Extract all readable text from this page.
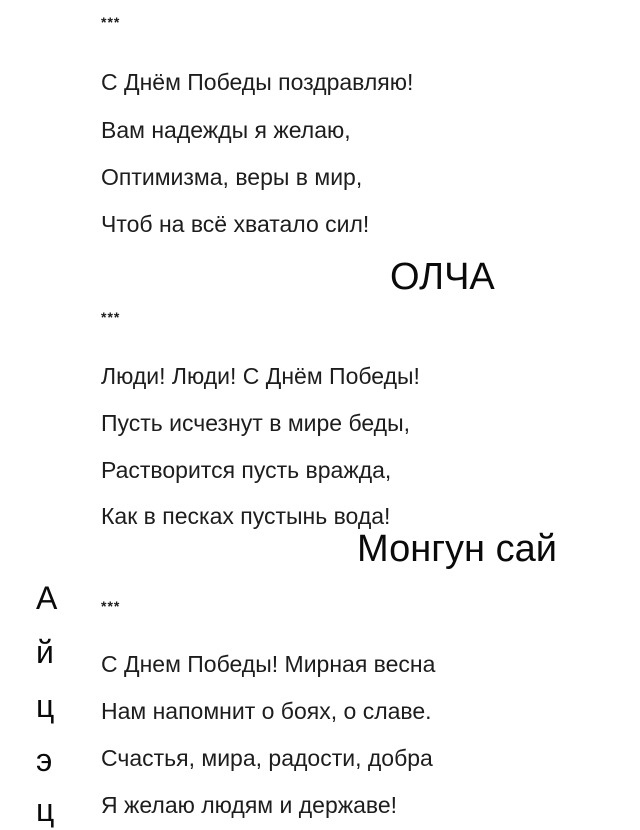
***
С Днём Победы поздравляю!
Вам надежды я желаю,
Оптимизма, веры в мир,
Чтоб на всё хватало сил!
ОЛЧА
***
Люди! Люди! С Днём Победы!
Пусть исчезнут в мире беды,
Растворится пусть вражда,
Как в песках пустынь вода!
Монгун сай
***
С Днем Победы! Мирная весна
Нам напомнит о боях, о славе.
Счастья, мира, радости, добра
Я желаю людям и державе!
А
й
ц
э
ц
